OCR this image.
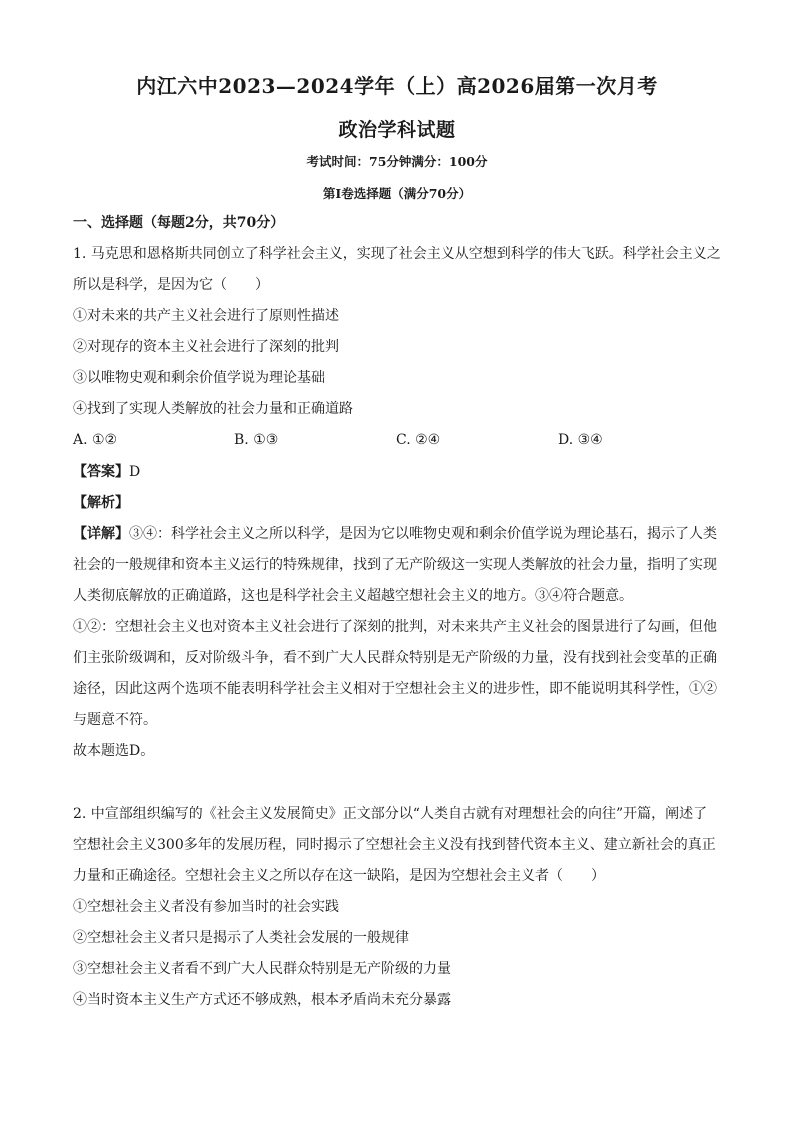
内江六中2023—2024学年（上）高2026届第一次月考
政治学科试题
考试时间：75分钟满分：100分
第Ⅰ卷选择题（满分70分）
一、选择题（每题2分，共70分）
1. 马克思和恩格斯共同创立了科学社会主义，实现了社会主义从空想到科学的伟大飞跃。科学社会主义之
所以是科学，是因为它（　　）
①对未来的共产主义社会进行了原则性描述
②对现存的资本主义社会进行了深刻的批判
③以唯物史观和剩余价值学说为理论基础
④找到了实现人类解放的社会力量和正确道路
A. ①②	B. ①③	C. ②④	D. ③④
【答案】D
【解析】
【详解】③④：科学社会主义之所以科学，是因为它以唯物史观和剩余价值学说为理论基石，揭示了人类
社会的一般规律和资本主义运行的特殊规律，找到了无产阶级这一实现人类解放的社会力量，指明了实现
人类彻底解放的正确道路，这也是科学社会主义超越空想社会主义的地方。③④符合题意。
①②：空想社会主义也对资本主义社会进行了深刻的批判，对未来共产主义社会的图景进行了勾画，但他
们主张阶级调和，反对阶级斗争，看不到广大人民群众特别是无产阶级的力量，没有找到社会变革的正确
途径，因此这两个选项不能表明科学社会主义相对于空想社会主义的进步性，即不能说明其科学性，①②
与题意不符。
故本题选D。
2. 中宣部组织编写的《社会主义发展简史》正文部分以“人类自古就有对理想社会的向往”开篇，阐述了
空想社会主义300多年的发展历程，同时揭示了空想社会主义没有找到替代资本主义、建立新社会的真正
力量和正确途径。空想社会主义之所以存在这一缺陷，是因为空想社会主义者（　　）
①空想社会主义者没有参加当时的社会实践
②空想社会主义者只是揭示了人类社会发展的一般规律
③空想社会主义者看不到广大人民群众特别是无产阶级的力量
④当时资本主义生产方式还不够成熟，根本矛盾尚未充分暴露
